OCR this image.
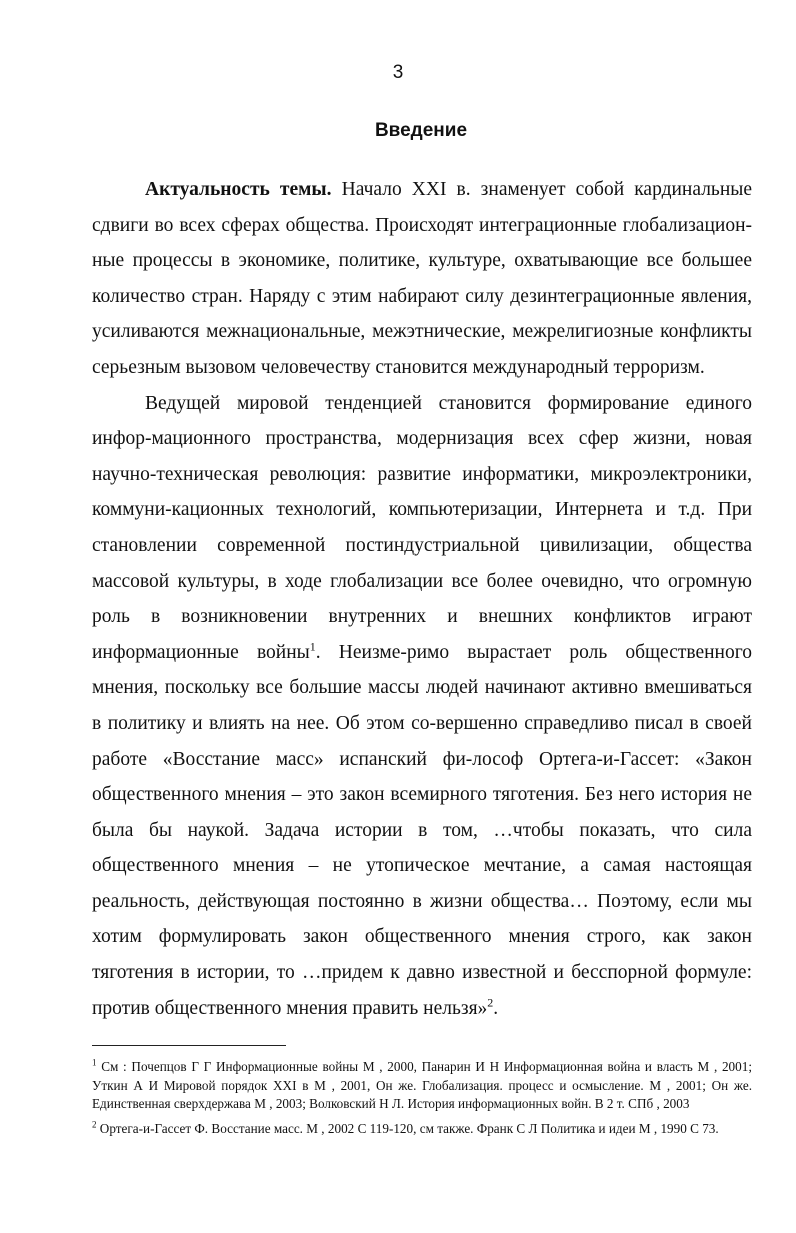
3
Введение

Актуальность темы. Начало XXI в. знаменует собой кардинальные сдвиги во всех сферах общества. Происходят интеграционные глобализацион-ные процессы в экономике, политике, культуре, охватывающие все большее количество стран. Наряду с этим набирают силу дезинтеграционные явления, усиливаются межнациональные, межэтнические, межрелигиозные конфликты серьезным вызовом человечеству становится международный терроризм.

Ведущей мировой тенденцией становится формирование единого инфор-мационного пространства, модернизация всех сфер жизни, новая научно-техническая революция: развитие информатики, микроэлектроники, коммуни-кационных технологий, компьютеризации, Интернета и т.д. При становлении современной постиндустриальной цивилизации, общества массовой культуры, в ходе глобализации все более очевидно, что огромную роль в возникновении внутренних и внешних конфликтов играют информационные войны$^1$. Неизме-римо вырастает роль общественного мнения, поскольку все большие массы людей начинают активно вмешиваться в политику и влиять на нее. Об этом со-вершенно справедливо писал в своей работе «Восстание масс» испанский фи-лософ Ортега-и-Гассет: «Закон общественного мнения – это закон всемирного тяготения. Без него история не была бы наукой. Задача истории в том, …чтобы показать, что сила общественного мнения – не утопическое мечтание, а самая настоящая реальность, действующая постоянно в жизни общества… Поэтому, если мы хотим формулировать закон общественного мнения строго, как закон тяготения в истории, то …придем к давно известной и бесспорной формуле: против общественного мнения править нельзя»$^2$.

$^1$ См : Почепцов Г Г Информационные войны М , 2000, Панарин И Н Информационная война и власть М , 2001; Уткин А И Мировой порядок XXI в М , 2001, Он же. Глобализация. процесс и осмысление. М , 2001; Он же. Единственная сверхдержава М , 2003; Волковский Н Л. История информационных войн. В 2 т. СПб , 2003

$^2$ Ортега-и-Гассет Ф. Восстание масс. М , 2002 С 119-120, см также. Франк С Л Политика и идеи М , 1990 С 73.
